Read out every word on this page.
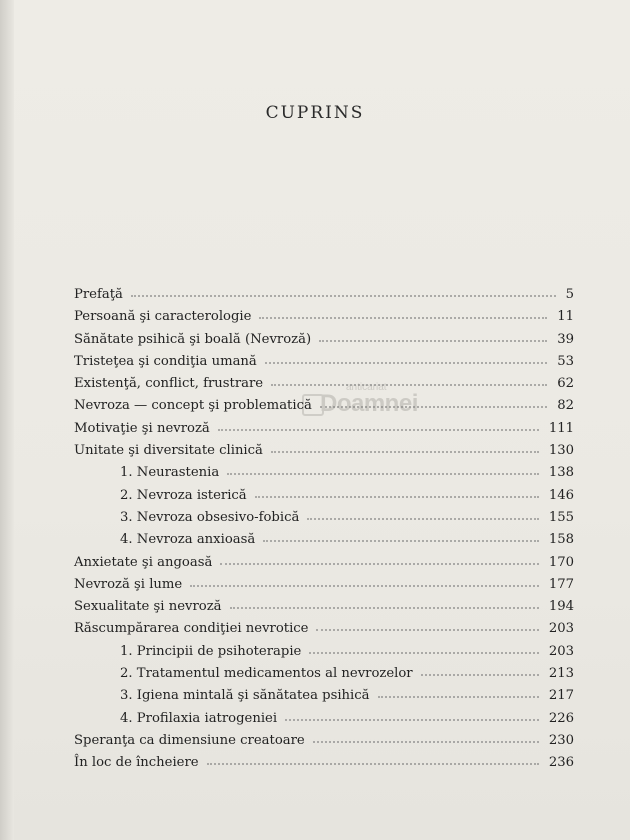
CUPRINS
anticariat
Doamnei
Prefaţă	5
Persoană şi caracterologie	11
Sănătate psihică şi boală (Nevroză)	39
Tristeţea şi condiţia umană	53
Existenţă, conflict, frustrare	62
Nevroza — concept şi problematică	82
Motivaţie şi nevroză	111
Unitate şi diversitate clinică	130
1. Neurastenia	138
2. Nevroza isterică	146
3. Nevroza obsesivo-fobică	155
4. Nevroza anxioasă	158
Anxietate şi angoasă	170
Nevroză şi lume	177
Sexualitate şi nevroză	194
Răscumpărarea condiţiei nevrotice	203
1. Principii de psihoterapie	203
2. Tratamentul medicamentos al nevrozelor	213
3. Igiena mintală şi sănătatea psihică	217
4. Profilaxia iatrogeniei	226
Speranţa ca dimensiune creatoare	230
În loc de încheiere	236
